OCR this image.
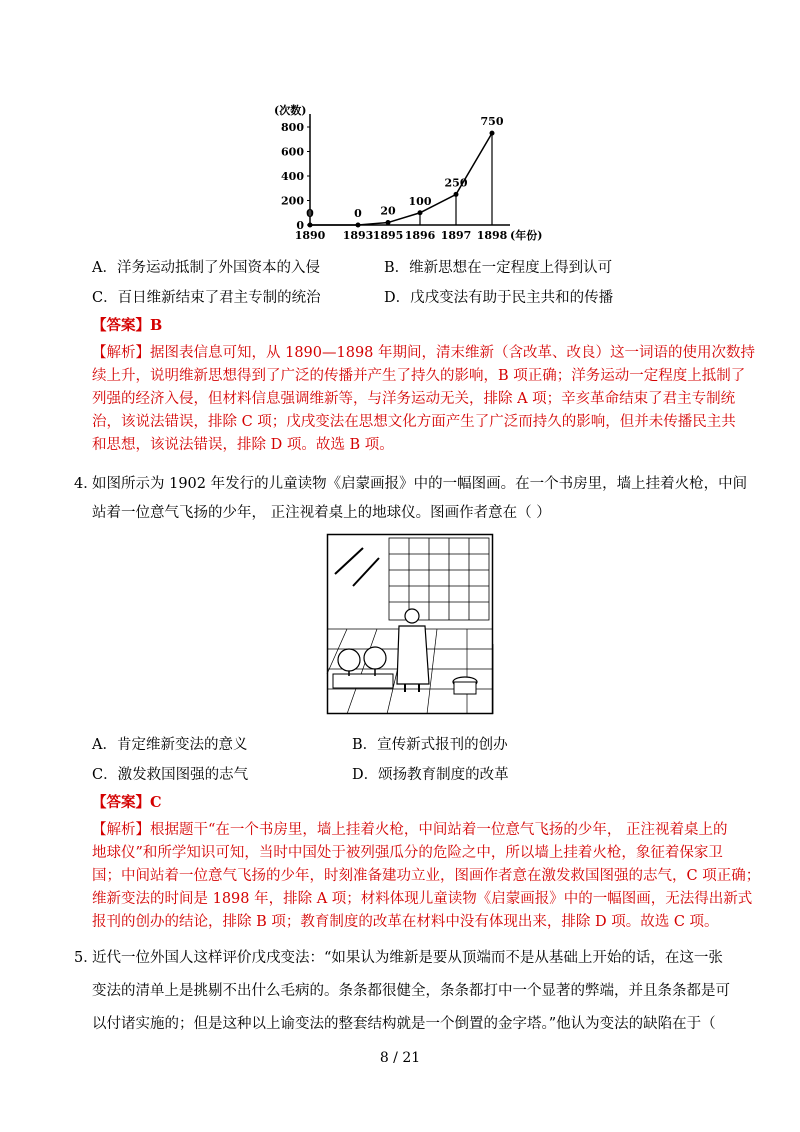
0
200
400
600
800
(次数)
1890 1893 1895 1896 1897 1898 (年份)
0	0 20
100
250
750
A．洋务运动抵制了外国资本的入侵	B．维新思想在一定程度上得到认可
C．百日维新结束了君主专制的统治	D．戊戌变法有助于民主共和的传播
【答案】B
【解析】据图表信息可知，从 1890—1898 年期间，清末维新（含改革、改良）这一词语的使用次数持
续上升，说明维新思想得到了广泛的传播并产生了持久的影响，B 项正确；洋务运动一定程度上抵制了
列强的经济入侵，但材料信息强调维新等，与洋务运动无关，排除 A 项；辛亥革命结束了君主专制统
治，该说法错误，排除 C 项；戊戌变法在思想文化方面产生了广泛而持久的影响，但并未传播民主共
和思想，该说法错误，排除 D 项。故选 B 项。
4．
如图所示为 1902 年发行的儿童读物《启蒙画报》中的一幅图画。在一个书房里，墙上挂着火枪，中间
站着一位意气飞扬的少年， 正注视着桌上的地球仪。图画作者意在（ ）
A．肯定维新变法的意义	B．宣传新式报刊的创办
C．激发救国图强的志气	D．颂扬教育制度的改革
【答案】C
【解析】根据题干“在一个书房里，墙上挂着火枪，中间站着一位意气飞扬的少年， 正注视着桌上的
地球仪”和所学知识可知，当时中国处于被列强瓜分的危险之中，所以墙上挂着火枪，象征着保家卫
国；中间站着一位意气飞扬的少年，时刻准备建功立业，图画作者意在激发救国图强的志气，C 项正确；
维新变法的时间是 1898 年，排除 A 项；材料体现儿童读物《启蒙画报》中的一幅图画，无法得出新式
报刊的创办的结论，排除 B 项；教育制度的改革在材料中没有体现出来，排除 D 项。故选 C 项。
5．
近代一位外国人这样评价戊戌变法：“如果认为维新是要从顶端而不是从基础上开始的话，在这一张
变法的清单上是挑剔不出什么毛病的。条条都很健全，条条都打中一个显著的弊端，并且条条都是可
以付诸实施的；但是这种以上谕变法的整套结构就是一个倒置的金字塔。”他认为变法的缺陷在于（
8 / 21
